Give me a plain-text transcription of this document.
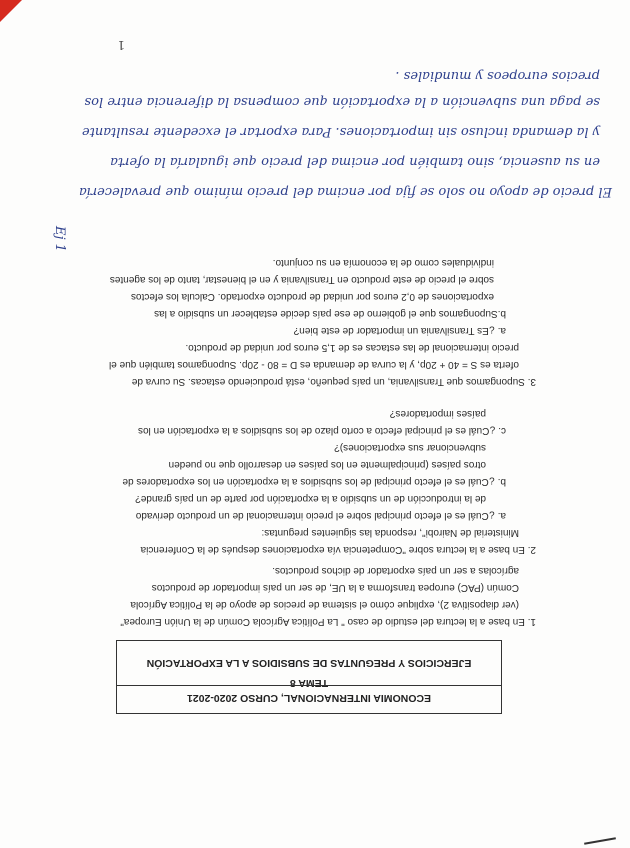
ECONOMIA INTERNACIONAL, CURSO 2020-2021
TEMA 8
EJERCICIOS Y PREGUNTAS DE SUBSIDIOS A LA EXPORTACIÓN
1. En base a la lectura del estudio de caso " La Política Agrícola Común de la Unión Europea"
(ver diapositiva 2), explique cómo el sistema de precios de apoyo de la Política Agrícola
Común (PAC) europea transforma a la UE, de ser un país importador de productos
agrícolas a ser un país exportador de dichos productos.
2. En base a la lectura sobre "Competencia vía exportaciones después de la Conferencia
Ministerial de Nairobi", responda las siguientes preguntas:
a. ¿Cuál es el efecto principal sobre el precio internacional de un producto derivado
de la introducción de un subsidio a la exportación por parte de un país grande?
b. ¿Cuál es el efecto principal de los subsidios a la exportación en los exportadores de
otros países (principalmente en los países en desarrollo que no pueden
subvencionar sus exportaciones)?
c. ¿Cuál es el principal efecto a corto plazo de los subsidios a la exportación en los
países importadores?
3. Supongamos que Transilvania, un país pequeño, está produciendo estacas. Su curva de
oferta es S = 40 + 20p, y la curva de demanda es D = 80 - 20p. Supongamos también que el
precio internacional de las estacas es de 1,5 euros por unidad de producto.
a. ¿Es Transilvania un importador de este bien?
b.Supongamos que el gobierno de ese país decide establecer un subsidio a las
exportaciones de 0,2 euros por unidad de producto exportado. Calcula los efectos
sobre el precio de este producto en Transilvania y en el bienestar, tanto de los agentes
individuales como de la economía en su conjunto.
Ej 1
El precio de apoyo no solo se fija por encima del precio mínimo que prevalecería
en su ausencia, sino también por encima del precio que igualaría la oferta
y la demanda incluso sin importaciones. Para exportar el excedente resultante
se paga una subvención a la exportación que compensa la diferencia entre los
precios europeos y mundiales .
1
